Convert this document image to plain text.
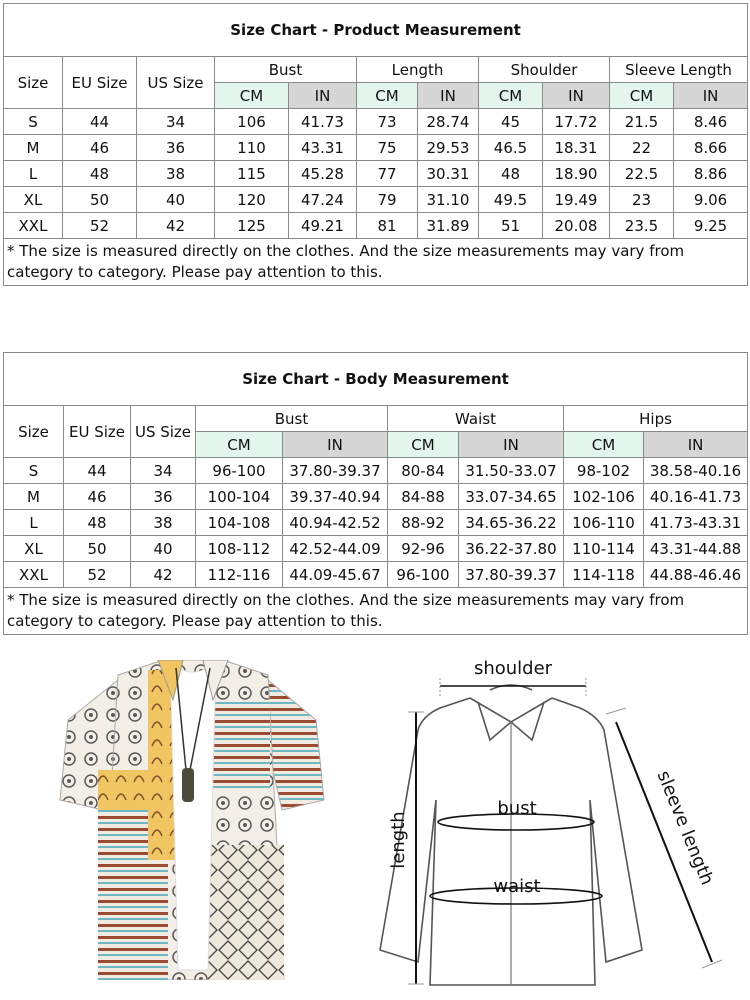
Size Chart - Product Measurement										
Size	EU Size	US Size	Bust		Length		Shoulder		Sleeve Length	
			CM	IN	CM	IN	CM	IN	CM	IN
S	44	34	106	41.73	73	28.74	45	17.72	21.5	8.46
M	46	36	110	43.31	75	29.53	46.5	18.31	22	8.66
L	48	38	115	45.28	77	30.31	48	18.90	22.5	8.86
XL	50	40	120	47.24	79	31.10	49.5	19.49	23	9.06
XXL	52	42	125	49.21	81	31.89	51	20.08	23.5	9.25
* The size is measured directly on the clothes. And the size measurements may vary from category to category. Please pay attention to this.										
Size Chart - Body Measurement								
Size	EU Size	US Size	Bust		Waist		Hips	
			CM	IN	CM	IN	CM	IN
S	44	34	96-100	37.80-39.37	80-84	31.50-33.07	98-102	38.58-40.16
M	46	36	100-104	39.37-40.94	84-88	33.07-34.65	102-106	40.16-41.73
L	48	38	104-108	40.94-42.52	88-92	34.65-36.22	106-110	41.73-43.31
XL	50	40	108-112	42.52-44.09	92-96	36.22-37.80	110-114	43.31-44.88
XXL	52	42	112-116	44.09-45.67	96-100	37.80-39.37	114-118	44.88-46.46
* The size is measured directly on the clothes. And the size measurements may vary from category to category. Please pay attention to this.								
shoulder
bust
waist
length	sleeve length
